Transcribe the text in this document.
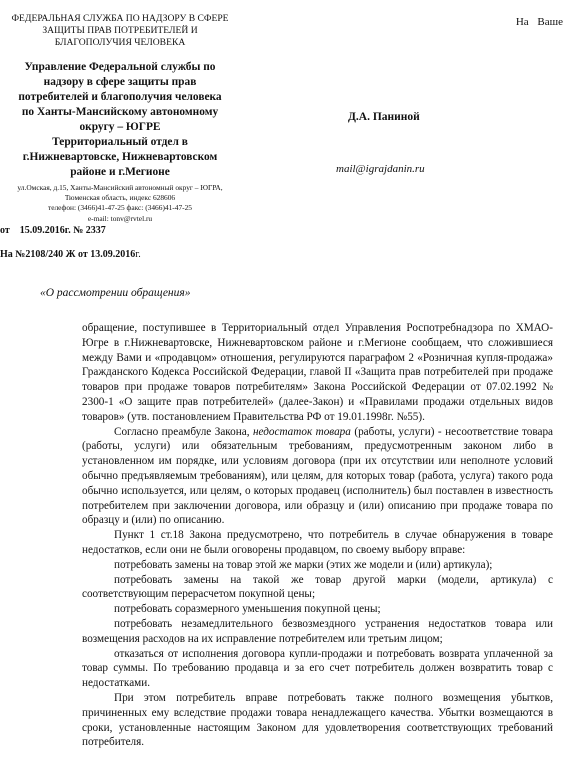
ФЕДЕРАЛЬНАЯ СЛУЖБА ПО НАДЗОРУ В СФЕРЕ
ЗАЩИТЫ ПРАВ ПОТРЕБИТЕЛЕЙ И
БЛАГОПОЛУЧИЯ ЧЕЛОВЕКА
Управление Федеральной службы по
надзору в сфере защиты прав
потребителей и благополучия человека
по Ханты-Мансийскому автономному
округу – ЮГРЕ
Территориальный отдел в
г.Нижневартовске, Нижневартовском
районе и г.Мегионе
ул.Омская, д.15, Ханты-Мансийский автономный округ – ЮГРА,
Тюменская область, индекс 628606
телефон: (3466)41-47-25 факс: (3466)41-47-25
e-mail: tonv@rvtel.ru
от 15.09.2016г. № 2337
На №2108/240 Ж от 13.09.2016г.
На Ваше
Д.А. Паниной
mail@igrajdanin.ru
«О рассмотрении обращения»

обращение, поступившее в Территориальный отдел Управления Роспотребнадзора по ХМАО-Югре в г.Нижневартовске, Нижневартовском районе и г.Мегионе сообщаем, что сложившиеся между Вами и «продавцом» отношения, регулируются параграфом 2 «Розничная купля-продажа» Гражданского Кодекса Российской Федерации, главой II «Защита прав потребителей при продаже товаров при продаже товаров потребителям» Закона Российской Федерации от 07.02.1992 № 2300-1 «О защите прав потребителей» (далее-Закон) и «Правилами продажи отдельных видов товаров» (утв. постановлением Правительства РФ от 19.01.1998г. №55).

Согласно преамбуле Закона, недостаток товара (работы, услуги) - несоответствие товара (работы, услуги) или обязательным требованиям, предусмотренным законом либо в установленном им порядке, или условиям договора (при их отсутствии или неполноте условий обычно предъявляемым требованиям), или целям, для которых товар (работа, услуга) такого рода обычно используется, или целям, о которых продавец (исполнитель) был поставлен в известность потребителем при заключении договора, или образцу и (или) описанию при продаже товара по образцу и (или) по описанию.

Пункт 1 ст.18 Закона предусмотрено, что потребитель в случае обнаружения в товаре недостатков, если они не были оговорены продавцом, по своему выбору вправе:

потребовать замены на товар этой же марки (этих же модели и (или) артикула);

потребовать замены на такой же товар другой марки (модели, артикула) с соответствующим перерасчетом покупной цены;

потребовать соразмерного уменьшения покупной цены;

потребовать незамедлительного безвозмездного устранения недостатков товара или возмещения расходов на их исправление потребителем или третьим лицом;

отказаться от исполнения договора купли-продажи и потребовать возврата уплаченной за товар суммы. По требованию продавца и за его счет потребитель должен возвратить товар с недостатками.

При этом потребитель вправе потребовать также полного возмещения убытков, причиненных ему вследствие продажи товара ненадлежащего качества. Убытки возмещаются в сроки, установленные настоящим Законом для удовлетворения соответствующих требований потребителя.
